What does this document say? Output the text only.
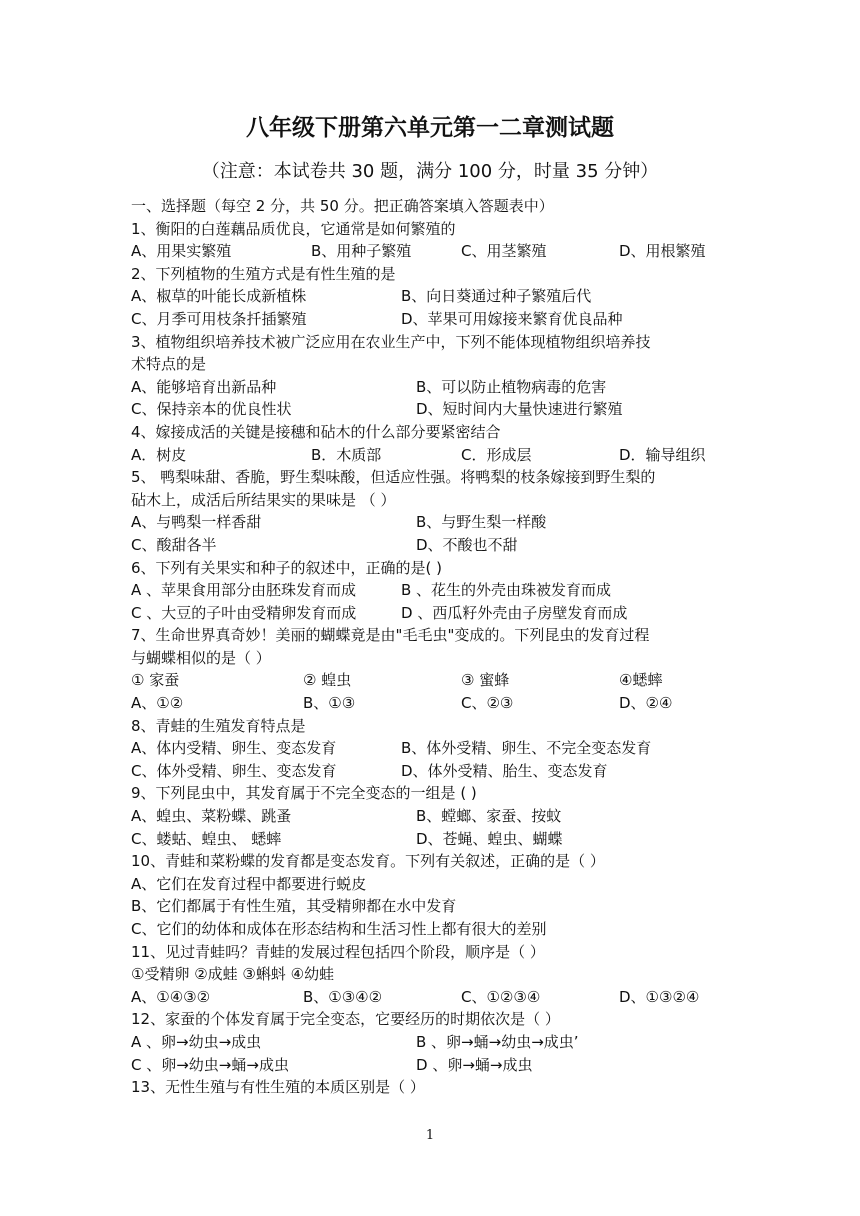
八年级下册第六单元第一二章测试题
（注意：本试卷共 30 题，满分 100 分，时量 35 分钟）
一、选择题（每空 2 分，共 50 分。把正确答案填入答题表中）
1、衡阳的白莲藕品质优良，它通常是如何繁殖的
A、用果实繁殖	B、用种子繁殖	C、用茎繁殖	D、用根繁殖
2、下列植物的生殖方式是有性生殖的是
A、椒草的叶能长成新植株	B、向日葵通过种子繁殖后代
C、月季可用枝条扦插繁殖	D、苹果可用嫁接来繁育优良品种
3、植物组织培养技术被广泛应用在农业生产中，下列不能体现植物组织培养技
术特点的是
A、能够培育出新品种	B、可以防止植物病毒的危害
C、保持亲本的优良性状	D、短时间内大量快速进行繁殖
4、嫁接成活的关键是接穗和砧木的什么部分要紧密结合
A．树皮	B．木质部	C．形成层	D．输导组织
5、 鸭梨味甜、香脆，野生梨味酸，但适应性强。将鸭梨的枝条嫁接到野生梨的
砧木上，成活后所结果实的果味是 （ ）
A、与鸭梨一样香甜	B、与野生梨一样酸
C、酸甜各半	D、不酸也不甜
6、下列有关果实和种子的叙述中，正确的是( )
A 、苹果食用部分由胚珠发育而成	B 、花生的外壳由珠被发育而成
C 、大豆的子叶由受精卵发育而成	D 、西瓜籽外壳由子房壁发育而成
7、生命世界真奇妙！美丽的蝴蝶竟是由"毛毛虫"变成的。下列昆虫的发育过程
与蝴蝶相似的是（ ）
① 家蚕	② 蝗虫	③ 蜜蜂	④蟋蟀
A、①②	B、①③	C、②③	D、②④
8、青蛙的生殖发育特点是
A、体内受精、卵生、变态发育	B、体外受精、卵生、不完全变态发育
C、体外受精、卵生、变态发育	D、体外受精、胎生、变态发育
9、下列昆虫中，其发育属于不完全变态的一组是 ( )
A、蝗虫、菜粉蝶、跳蚤	B、螳螂、家蚕、按蚊
C、蝼蛄、蝗虫、 蟋蟀	D、苍蝇、蝗虫、蝴蝶
10、青蛙和菜粉蝶的发育都是变态发育。下列有关叙述，正确的是（ ）
A、它们在发育过程中都要进行蜕皮
B、它们都属于有性生殖，其受精卵都在水中发育
C、它们的幼体和成体在形态结构和生活习性上都有很大的差别
11、见过青蛙吗？青蛙的发展过程包括四个阶段，顺序是（ ）
①受精卵 ②成蛙 ③蝌蚪 ④幼蛙
A、①④③②	B、①③④②	C、①②③④	D、①③②④
12、家蚕的个体发育属于完全变态，它要经历的时期依次是（ ）
A 、卵→幼虫→成虫	B 、卵→蛹→幼虫→成虫’
C 、卵→幼虫→蛹→成虫	D 、卵→蛹→成虫
13、无性生殖与有性生殖的本质区别是（ ）
1
